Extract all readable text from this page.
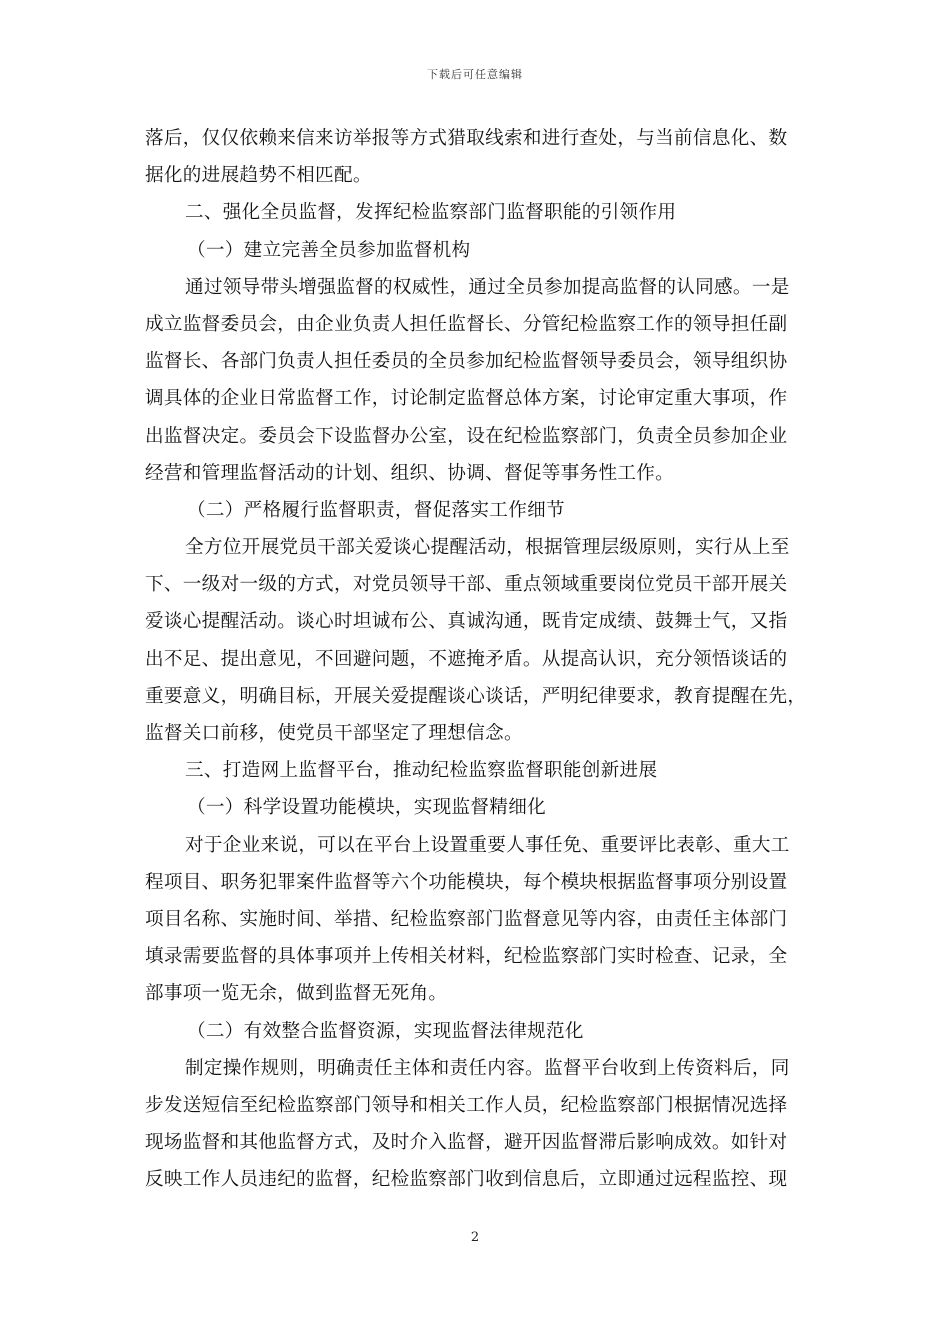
下载后可任意编辑
落后，仅仅依赖来信来访举报等方式猎取线索和进行查处，与当前信息化、数
据化的进展趋势不相匹配。
二、强化全员监督，发挥纪检监察部门监督职能的引领作用
（一）建立完善全员参加监督机构
通过领导带头增强监督的权威性，通过全员参加提高监督的认同感。一是
成立监督委员会，由企业负责人担任监督长、分管纪检监察工作的领导担任副
监督长、各部门负责人担任委员的全员参加纪检监督领导委员会，领导组织协
调具体的企业日常监督工作，讨论制定监督总体方案，讨论审定重大事项，作
出监督决定。委员会下设监督办公室，设在纪检监察部门，负责全员参加企业
经营和管理监督活动的计划、组织、协调、督促等事务性工作。
（二）严格履行监督职责，督促落实工作细节
全方位开展党员干部关爱谈心提醒活动，根据管理层级原则，实行从上至
下、一级对一级的方式，对党员领导干部、重点领域重要岗位党员干部开展关
爱谈心提醒活动。谈心时坦诚布公、真诚沟通，既肯定成绩、鼓舞士气，又指
出不足、提出意见，不回避问题，不遮掩矛盾。从提高认识，充分领悟谈话的
重要意义，明确目标，开展关爱提醒谈心谈话，严明纪律要求，教育提醒在先，
监督关口前移，使党员干部坚定了理想信念。
三、打造网上监督平台，推动纪检监察监督职能创新进展
（一）科学设置功能模块，实现监督精细化
对于企业来说，可以在平台上设置重要人事任免、重要评比表彰、重大工
程项目、职务犯罪案件监督等六个功能模块，每个模块根据监督事项分别设置
项目名称、实施时间、举措、纪检监察部门监督意见等内容，由责任主体部门
填录需要监督的具体事项并上传相关材料，纪检监察部门实时检查、记录，全
部事项一览无余，做到监督无死角。
（二）有效整合监督资源，实现监督法律规范化
制定操作规则，明确责任主体和责任内容。监督平台收到上传资料后，同
步发送短信至纪检监察部门领导和相关工作人员，纪检监察部门根据情况选择
现场监督和其他监督方式，及时介入监督，避开因监督滞后影响成效。如针对
反映工作人员违纪的监督，纪检监察部门收到信息后，立即通过远程监控、现
2
